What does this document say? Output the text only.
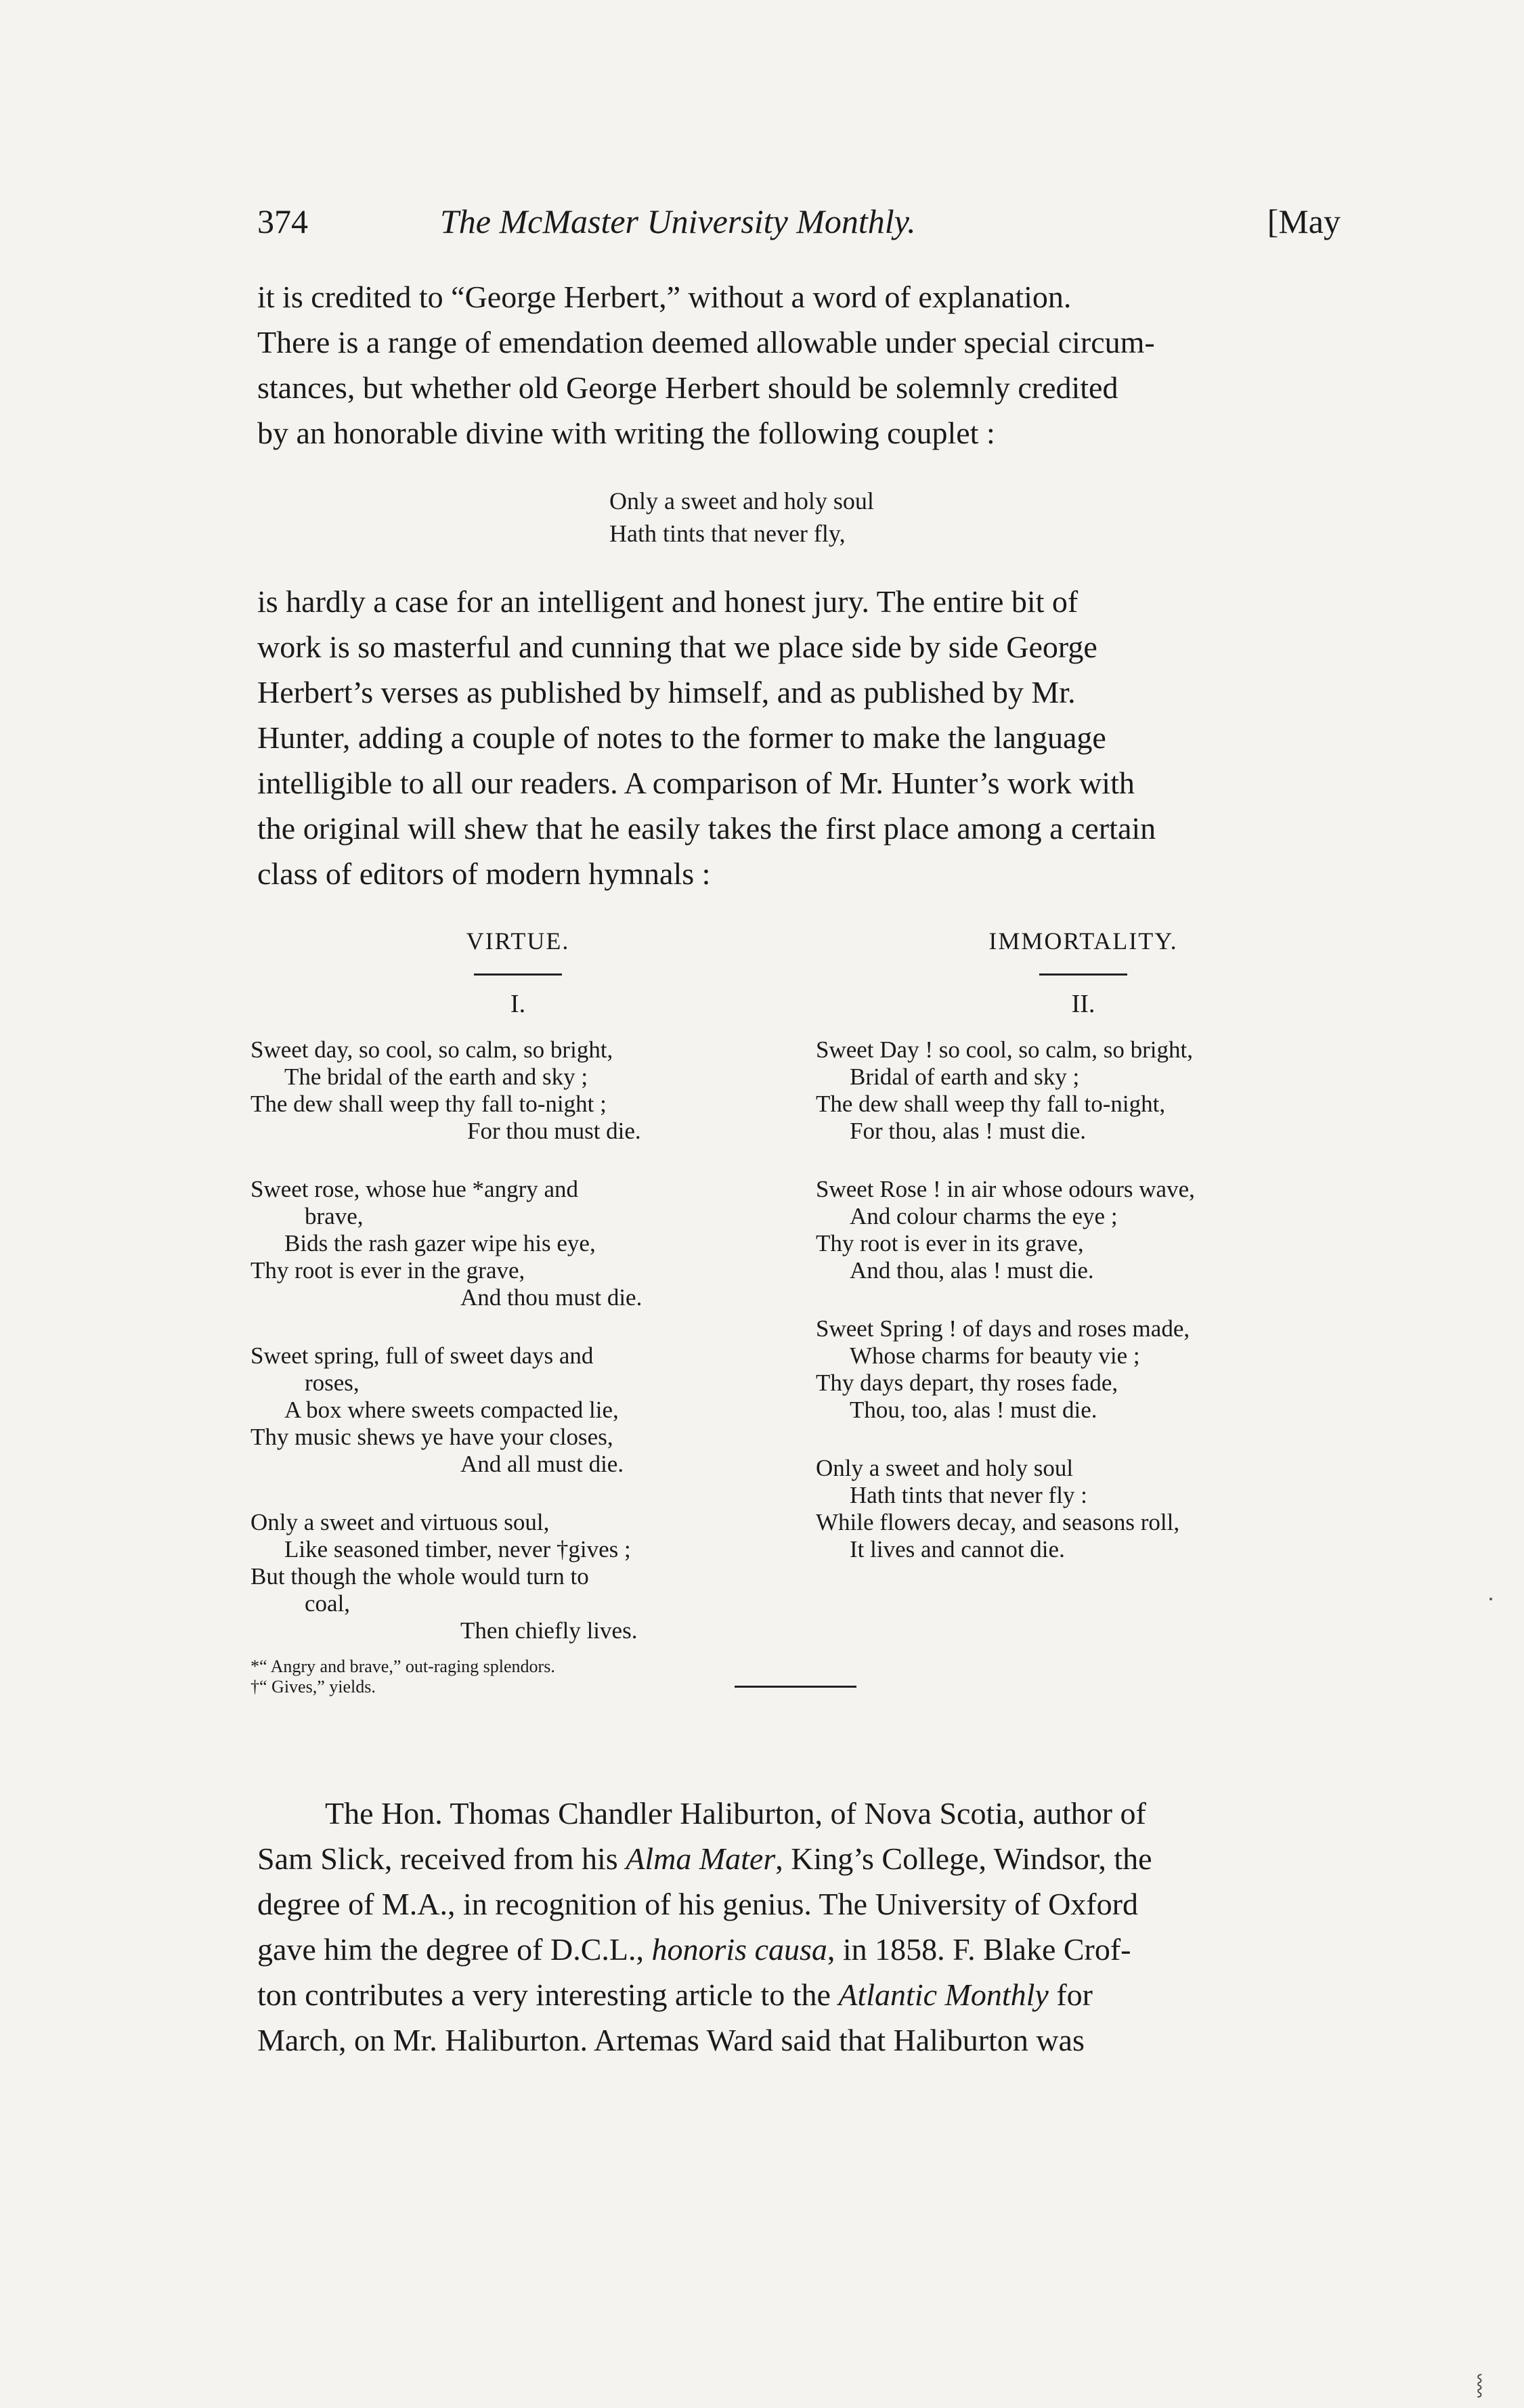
374	The McMaster University Monthly.	[May

it is credited to “George Herbert,” without a word of explanation.

There is a range of emendation deemed allowable under special circum-

stances, but whether old George Herbert should be solemnly credited

by an honorable divine with writing the following couplet :

Only a sweet and holy soul
Hath tints that never fly,

is hardly a case for an intelligent and honest jury. The entire bit of

work is so masterful and cunning that we place side by side George

Herbert’s verses as published by himself, and as published by Mr.

Hunter, adding a couple of notes to the former to make the language

intelligible to all our readers. A comparison of Mr. Hunter’s work with

the original will shew that he easily takes the first place among a certain

class of editors of modern hymnals :

VIRTUE.
I.
Sweet day, so cool, so calm, so bright,
The bridal of the earth and sky ;
The dew shall weep thy fall to-night ;
For thou must die.
Sweet rose, whose hue *angry and
brave,
Bids the rash gazer wipe his eye,
Thy root is ever in the grave,
And thou must die.
Sweet spring, full of sweet days and
roses,
A box where sweets compacted lie,
Thy music shews ye have your closes,
And all must die.
Only a sweet and virtuous soul,
Like seasoned timber, never †gives ;
But though the whole would turn to
coal,
Then chiefly lives.
*“ Angry and brave,” out-raging splendors.
†“ Gives,” yields.
IMMORTALITY.
II.
Sweet Day ! so cool, so calm, so bright,
Bridal of earth and sky ;
The dew shall weep thy fall to-night,
For thou, alas ! must die.
Sweet Rose ! in air whose odours wave,
And colour charms the eye ;
Thy root is ever in its grave,
And thou, alas ! must die.
Sweet Spring ! of days and roses made,
Whose charms for beauty vie ;
Thy days depart, thy roses fade,
Thou, too, alas ! must die.
Only a sweet and holy soul
Hath tints that never fly :
While flowers decay, and seasons roll,
It lives and cannot die.

The Hon. Thomas Chandler Haliburton, of Nova Scotia, author of

Sam Slick, received from his Alma Mater, King’s College, Windsor, the

degree of M.A., in recognition of his genius. The University of Oxford

gave him the degree of D.C.L., honoris causa, in 1858. F. Blake Crof-

ton contributes a very interesting article to the Atlantic Monthly for

March, on Mr. Haliburton. Artemas Ward said that Haliburton was

⸾
